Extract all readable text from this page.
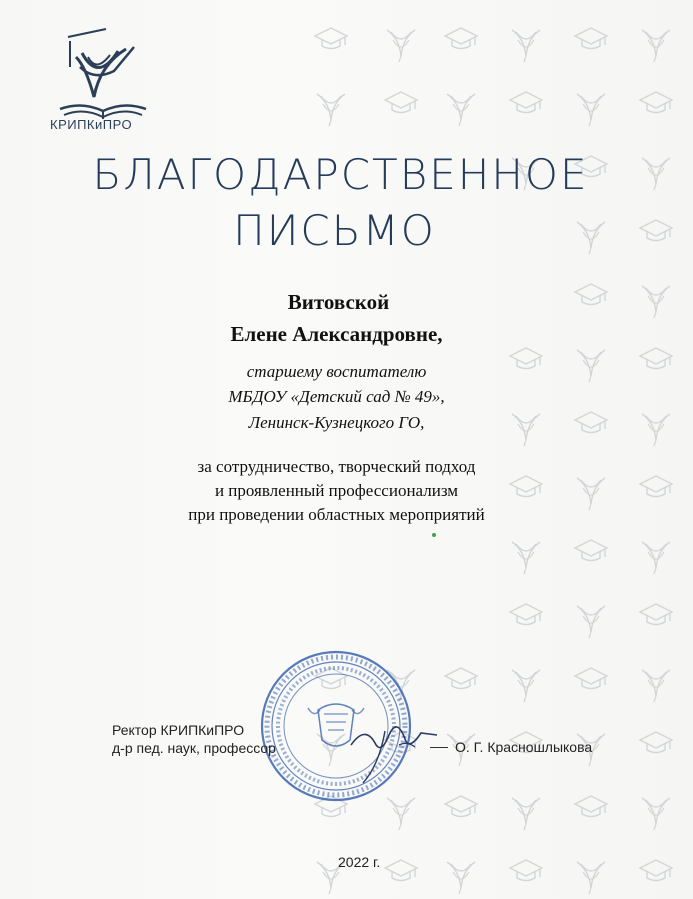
КРИПКиПРО
БЛАГОДАРСТВЕННОЕ
ПИСЬМО
Витовской
Елене Александровне,
старшему воспитателю
МБДОУ «Детский сад № 49»,
Ленинск-Кузнецкого ГО,
за сотрудничество, творческий подход
и проявленный профессионализм
при проведении областных мероприятий
Ректор КРИПКиПРО
д-р пед. наук, профессор	О. Г. Красношлыкова
2022 г.
